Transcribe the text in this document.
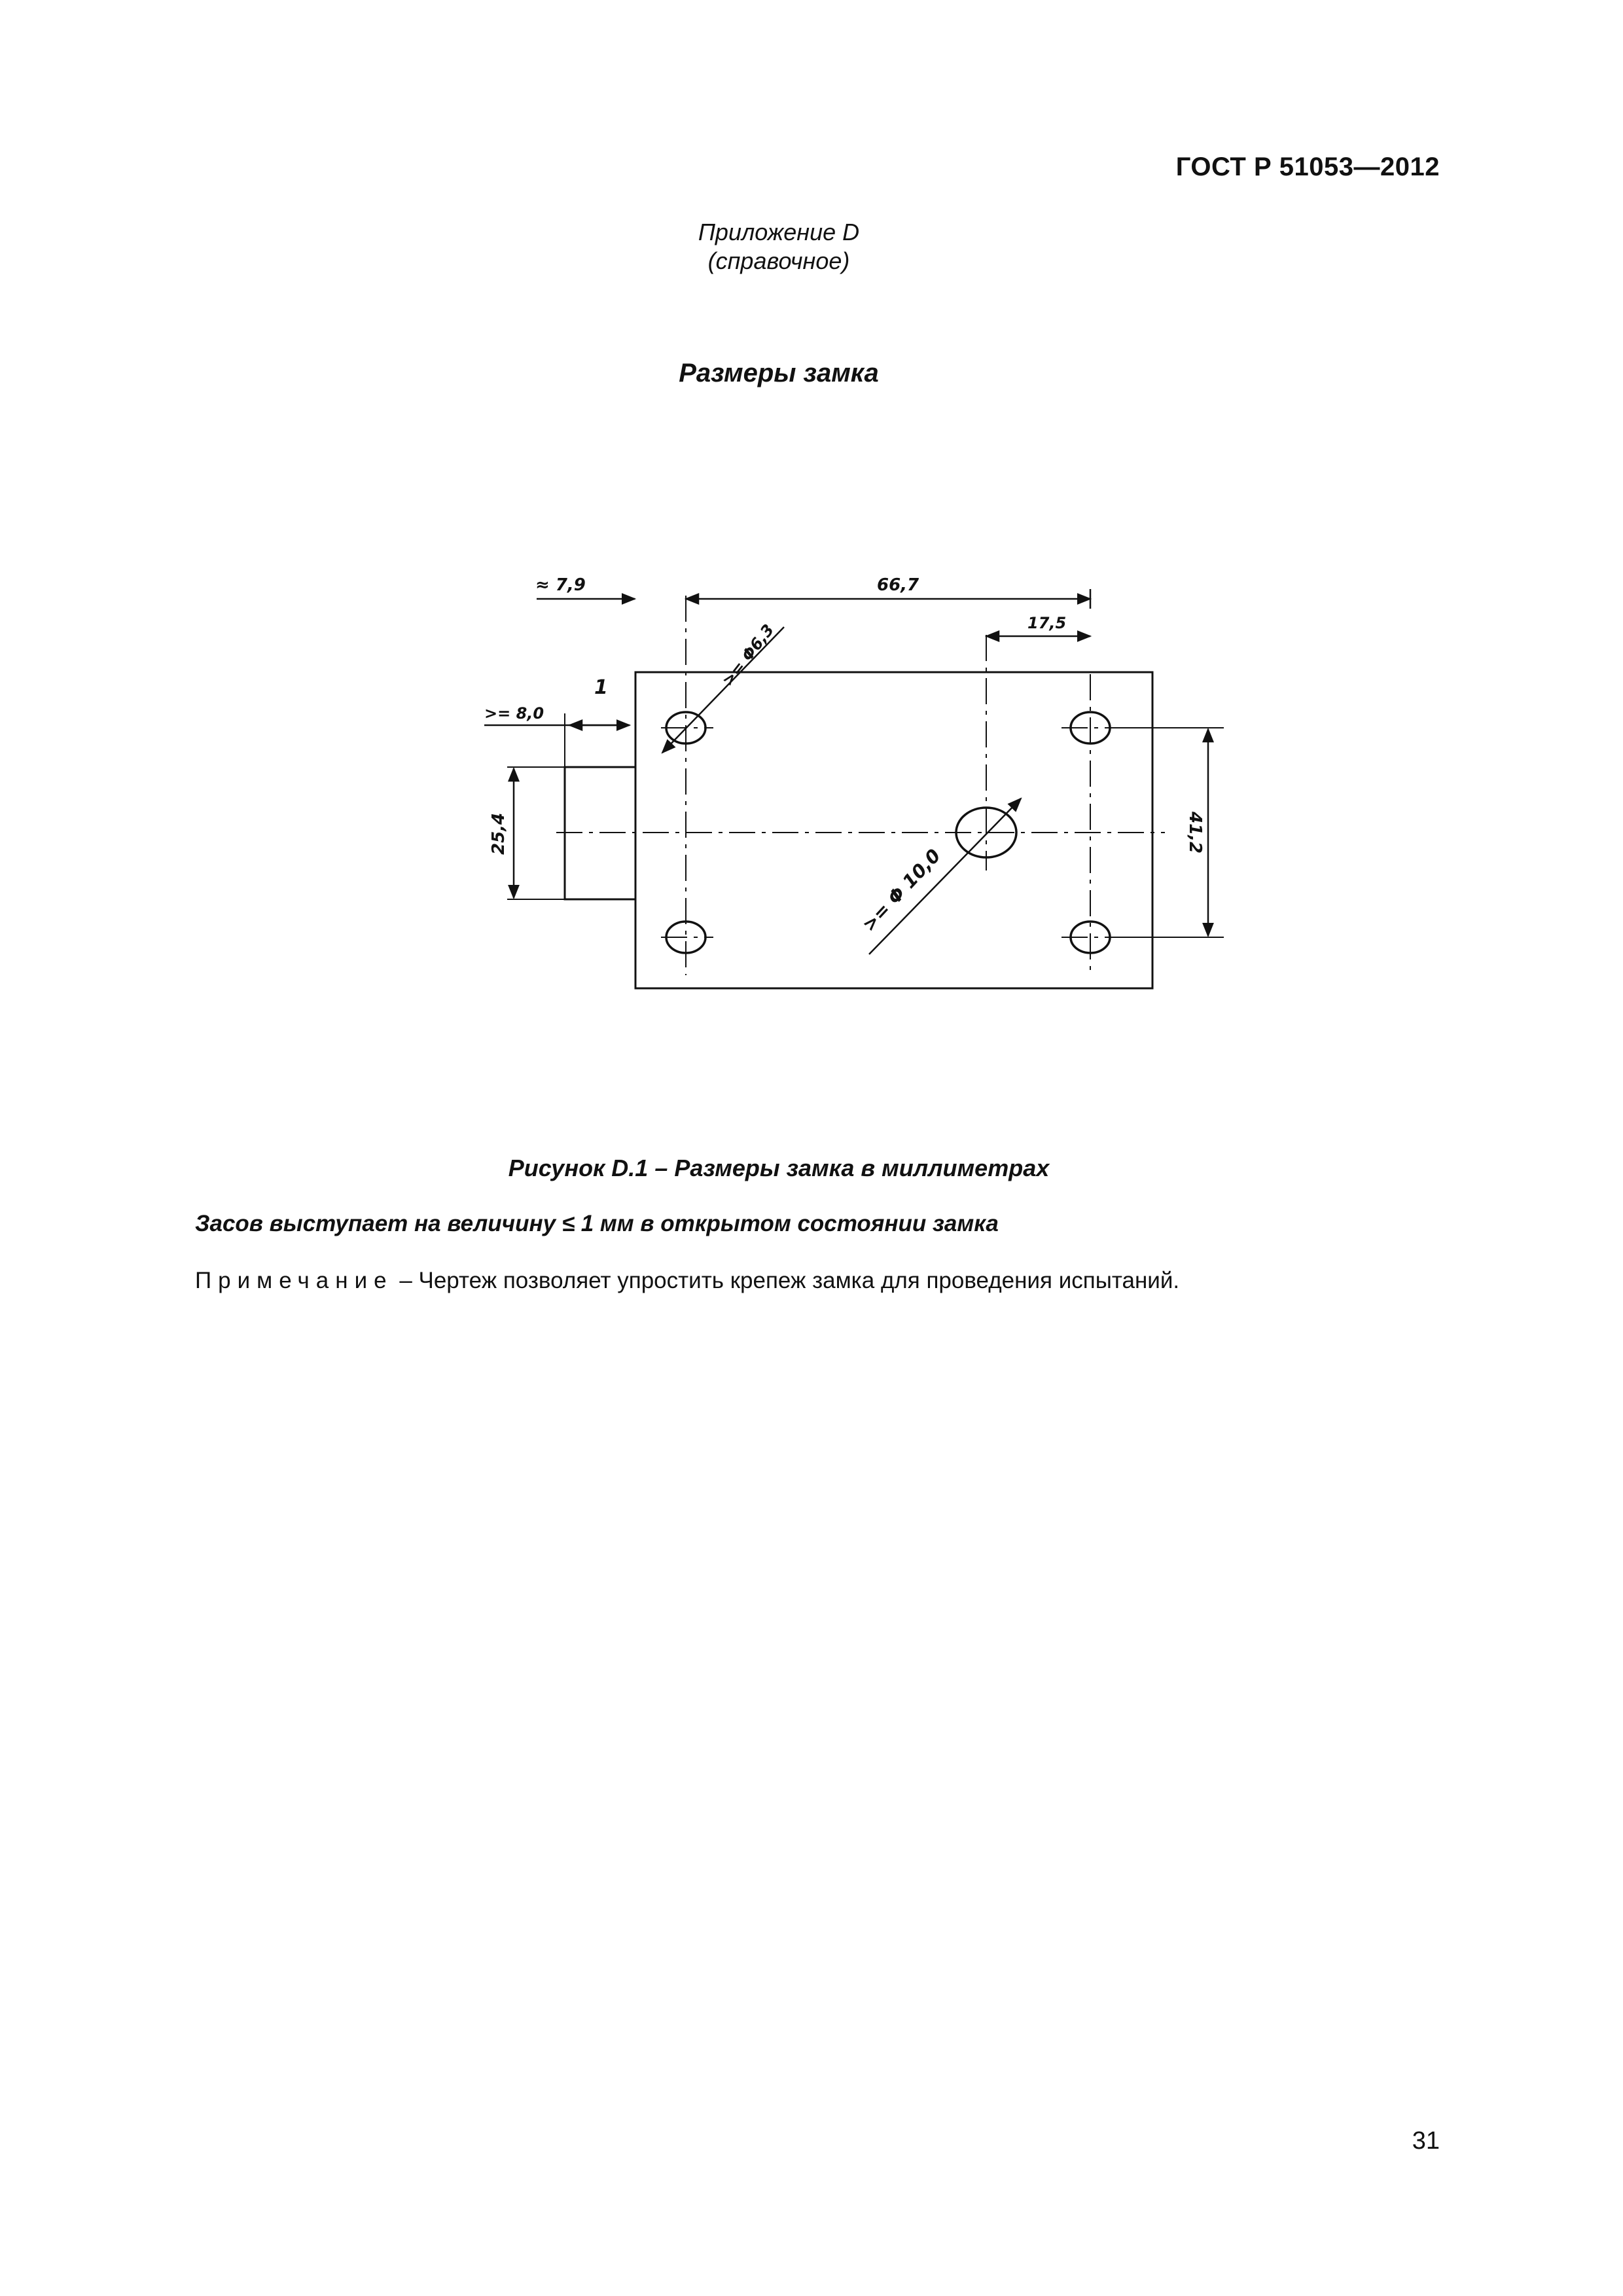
ГОСТ Р 51053—2012
Приложение D
(справочное)
Размеры замка
≈ 7,9	66,7
17,5
>= Φ6,3
1
>= 8,0
25,4
>= Φ 10,0
41,2
Рисунок D.1 – Размеры замка в миллиметрах
Засов выступает на величину ≤ 1 мм в открытом состоянии замка
Примечание – Чертеж позволяет упростить крепеж замка для проведения испытаний.
31
